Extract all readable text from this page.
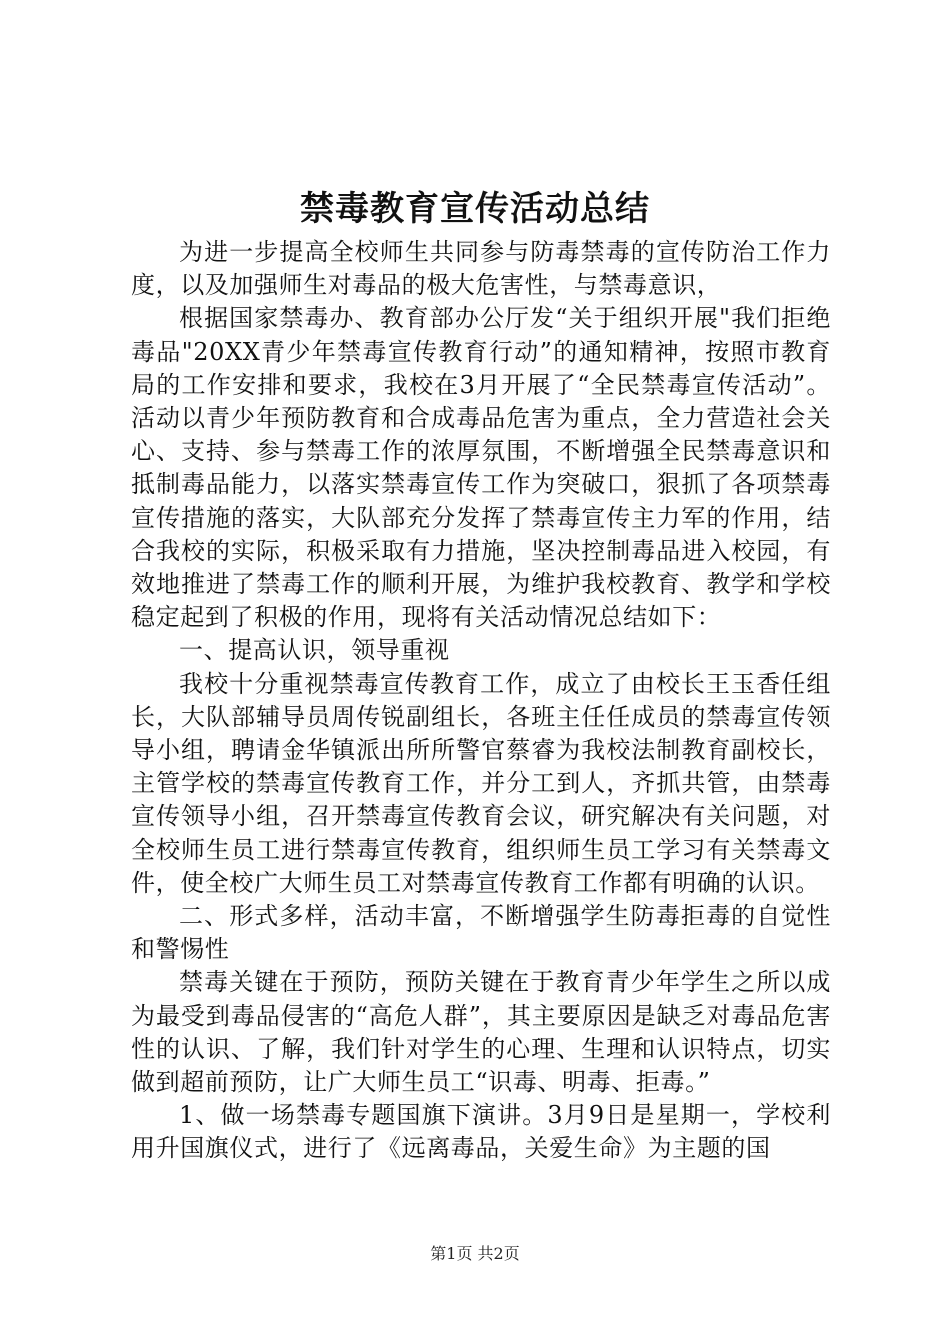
禁毒教育宣传活动总结

为进一步提高全校师生共同参与防毒禁毒的宣传防治工作力度，以及加强师生对毒品的极大危害性，与禁毒意识，

根据国家禁毒办、教育部办公厅发“关于组织开展"我们拒绝毒品"20XX青少年禁毒宣传教育行动”的通知精神，按照市教育局的工作安排和要求，我校在3月开展了“全民禁毒宣传活动”。活动以青少年预防教育和合成毒品危害为重点，全力营造社会关心、支持、参与禁毒工作的浓厚氛围，不断增强全民禁毒意识和抵制毒品能力，以落实禁毒宣传工作为突破口，狠抓了各项禁毒宣传措施的落实，大队部充分发挥了禁毒宣传主力军的作用，结合我校的实际，积极采取有力措施，坚决控制毒品进入校园，有效地推进了禁毒工作的顺利开展，为维护我校教育、教学和学校稳定起到了积极的作用，现将有关活动情况总结如下：

一、提高认识，领导重视

我校十分重视禁毒宣传教育工作，成立了由校长王玉香任组长，大队部辅导员周传锐副组长，各班主任任成员的禁毒宣传领导小组，聘请金华镇派出所所警官蔡睿为我校法制教育副校长，主管学校的禁毒宣传教育工作，并分工到人，齐抓共管，由禁毒宣传领导小组，召开禁毒宣传教育会议，研究解决有关问题，对全校师生员工进行禁毒宣传教育，组织师生员工学习有关禁毒文件，使全校广大师生员工对禁毒宣传教育工作都有明确的认识。

二、形式多样，活动丰富，不断增强学生防毒拒毒的自觉性和警惕性

禁毒关键在于预防，预防关键在于教育青少年学生之所以成为最受到毒品侵害的“高危人群”，其主要原因是缺乏对毒品危害性的认识、了解，我们针对学生的心理、生理和认识特点，切实做到超前预防，让广大师生员工“识毒、明毒、拒毒。”

1、做一场禁毒专题国旗下演讲。3月9日是星期一，学校利用升国旗仪式，进行了《远离毒品，关爱生命》为主题的国

第1页 共2页
